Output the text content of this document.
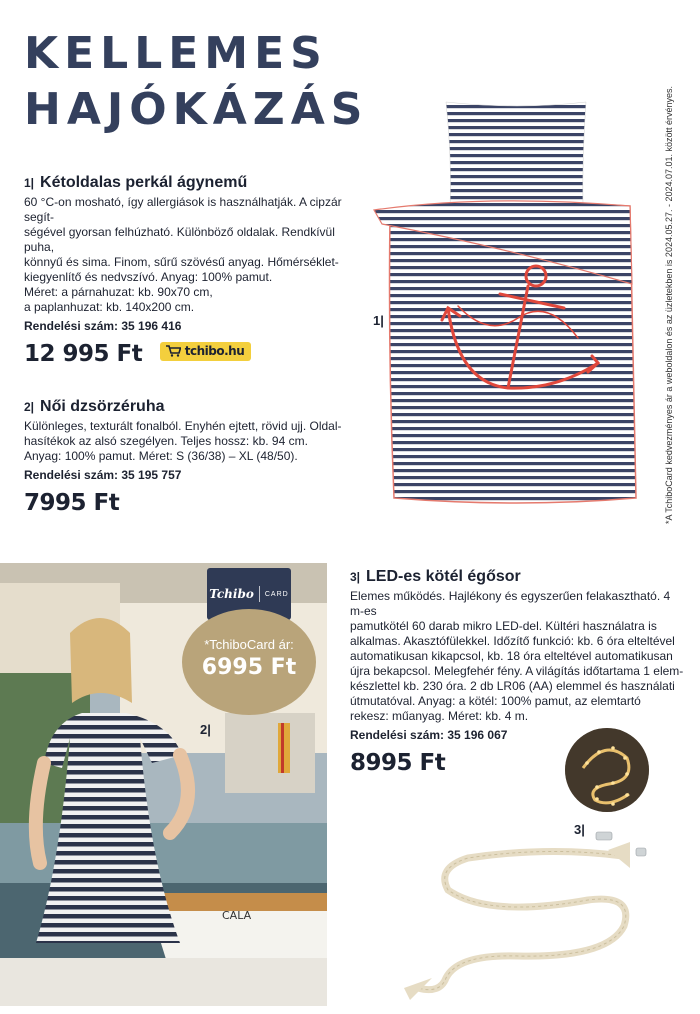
KELLEMES
HAJÓKÁZÁS
1| Kétoldalas perkál ágynemű
60 °C-on mosható, így allergiások is használhatják. A cipzár segít-
ségével gyorsan felhúzható. Különböző oldalak. Rendkívül puha,
könnyű és sima. Finom, sűrű szövésű anyag. Hőmérséklet-
kiegyenlítő és nedvszívó. Anyag: 100% pamut.
Méret: a párnahuzat: kb. 90x70 cm,
a paplanhuzat: kb. 140x200 cm.
Rendelési szám: 35 196 416
12 995 Ft	tchibo.hu
2| Női dzsörzéruha
Különleges, texturált fonalból. Enyhén ejtett, rövid ujj. Oldal-
hasítékok az alsó szegélyen. Teljes hossz: kb. 94 cm.
Anyag: 100% pamut. Méret: S (36/38) – XL (48/50).
Rendelési szám: 35 195 757
7995 Ft
3| LED-es kötél égősor
Elemes működés. Hajlékony és egyszerűen felakasztható. 4 m-es
pamutkötél 60 darab mikro LED-del. Kültéri használatra is
alkalmas. Akasztófülekkel. Időzítő funkció: kb. 6 óra elteltével
automatikusan kikapcsol, kb. 18 óra elteltével automatikusan
újra bekapcsol. Melegfehér fény. A világítás időtartama 1 elem-
készlettel kb. 230 óra. 2 db LR06 (AA) elemmel és használati
útmutatóval. Anyag: a kötél: 100% pamut, az elemtartó
rekesz: műanyag. Méret: kb. 4 m.
Rendelési szám: 35 196 067
8995 Ft
*A TchiboCard kedvezményes ár a weboldalon és az üzletekben is 2024.05.27. - 2024.07.01. között érvényes.
1|
CALA
Tchibo CARD
*TchiboCard ár:
6995 Ft
2|
3|
